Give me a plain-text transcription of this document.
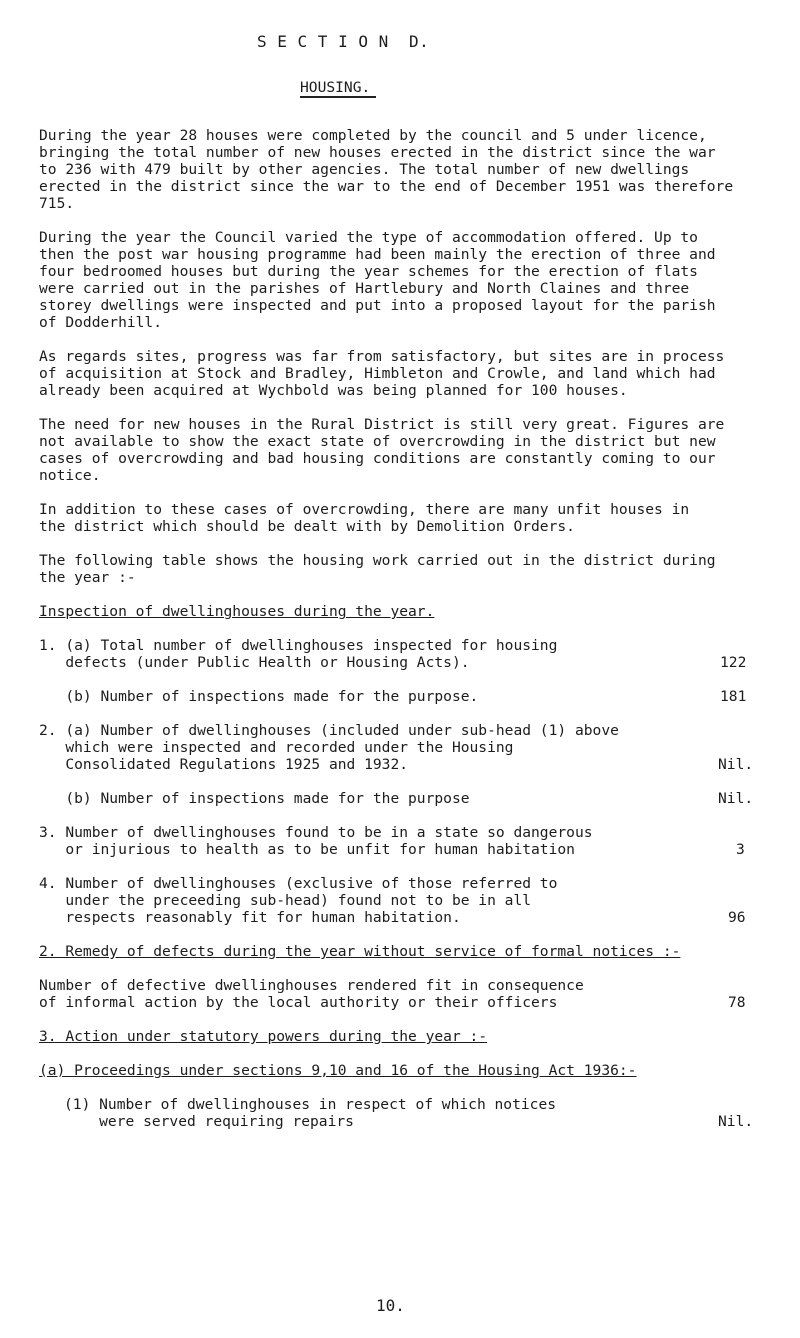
S E C T I O N  D.
HOUSING.
During the year 28 houses were completed by the council and 5 under licence,
bringing the total number of new houses erected in the district since the war
to 236 with 479 built by other agencies. The total number of new dwellings
erected in the district since the war to the end of December 1951 was therefore
715.
During the year the Council varied the type of accommodation offered. Up to
then the post war housing programme had been mainly the erection of three and
four bedroomed houses but during the year schemes for the erection of flats
were carried out in the parishes of Hartlebury and North Claines and three
storey dwellings were inspected and put into a proposed layout for the parish
of Dodderhill.
As regards sites, progress was far from satisfactory, but sites are in process
of acquisition at Stock and Bradley, Himbleton and Crowle, and land which had
already been acquired at Wychbold was being planned for 100 houses.
The need for new houses in the Rural District is still very great. Figures are
not available to show the exact state of overcrowding in the district but new
cases of overcrowding and bad housing conditions are constantly coming to our
notice.
In addition to these cases of overcrowding, there are many unfit houses in
the district which should be dealt with by Demolition Orders.
The following table shows the housing work carried out in the district during
the year :-
Inspection of dwellinghouses during the year.
1. (a) Total number of dwellinghouses inspected for housing
defects (under Public Health or Housing Acts).	122
(b) Number of inspections made for the purpose.	181
2. (a) Number of dwellinghouses (included under sub-head (1) above
which were inspected and recorded under the Housing
Consolidated Regulations 1925 and 1932.	Nil.
(b) Number of inspections made for the purpose	Nil.
3. Number of dwellinghouses found to be in a state so dangerous
or injurious to health as to be unfit for human habitation	3
4. Number of dwellinghouses (exclusive of those referred to
under the preceeding sub-head) found not to be in all
respects reasonably fit for human habitation.	96
2. Remedy of defects during the year without service of formal notices :-
Number of defective dwellinghouses rendered fit in consequence
of informal action by the local authority or their officers	78
3. Action under statutory powers during the year :-
(a) Proceedings under sections 9,10 and 16 of the Housing Act 1936:-
(1) Number of dwellinghouses in respect of which notices
were served requiring repairs	Nil.
10.
